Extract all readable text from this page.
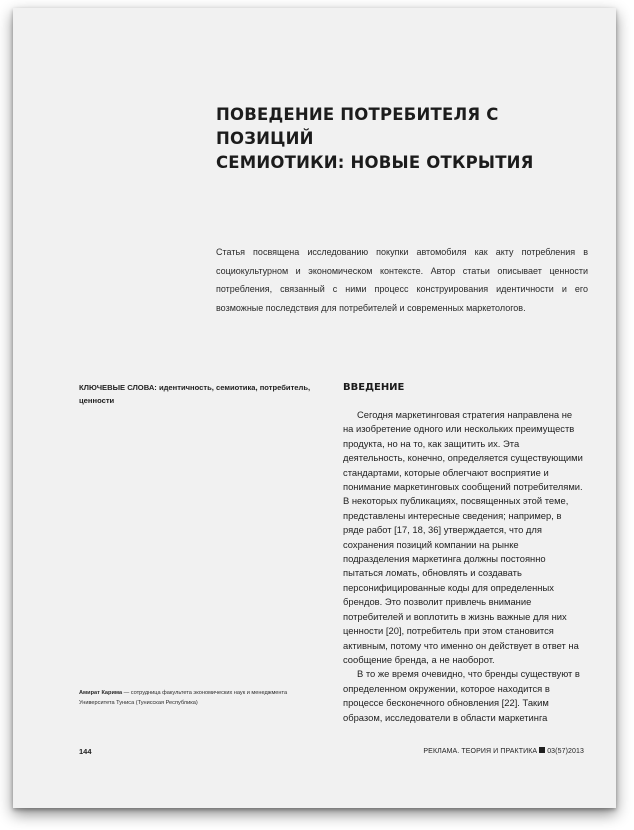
ПОВЕДЕНИЕ ПОТРЕБИТЕЛЯ С ПОЗИЦИЙ
СЕМИОТИКИ: НОВЫЕ ОТКРЫТИЯ

Статья посвящена исследованию покупки автомобиля как акту потребления в социокультурном и экономическом контексте. Автор статьи описывает ценности потребления, связанный с ними процесс конструирования идентичности и его возможные последствия для потребителей и современных маркетологов.

КЛЮЧЕВЫЕ СЛОВА: идентичность, семиотика, потребитель, ценности

Амират Карима — сотрудница факультета экономических наук и менеджмента Университета Туниса (Тунисская Республика)

ВВЕДЕНИЕ

Сегодня маркетинговая стратегия направлена не на изобретение одного или нескольких преимуществ продукта, но на то, как защитить их. Эта деятельность, конечно, определяется существующими стандартами, которые облегчают восприятие и понимание маркетинговых сообщений потребителями. В некоторых публикациях, посвященных этой теме, представлены интересные сведения; например, в ряде работ [17, 18, 36] утверждается, что для сохранения позиций компании на рынке подразделения маркетинга должны постоянно пытаться ломать, обновлять и создавать персонифицированные коды для определенных брендов. Это позволит привлечь внимание потребителей и воплотить в жизнь важные для них ценности [20], потребитель при этом становится активным, потому что именно он действует в ответ на сообщение бренда, а не наоборот.

В то же время очевидно, что бренды существуют в определенном окружении, которое находится в процессе бесконечного обновления [22]. Таким образом, исследователи в области маркетинга

144	РЕКЛАМА. ТЕОРИЯ И ПРАКТИКА 03(57)2013
